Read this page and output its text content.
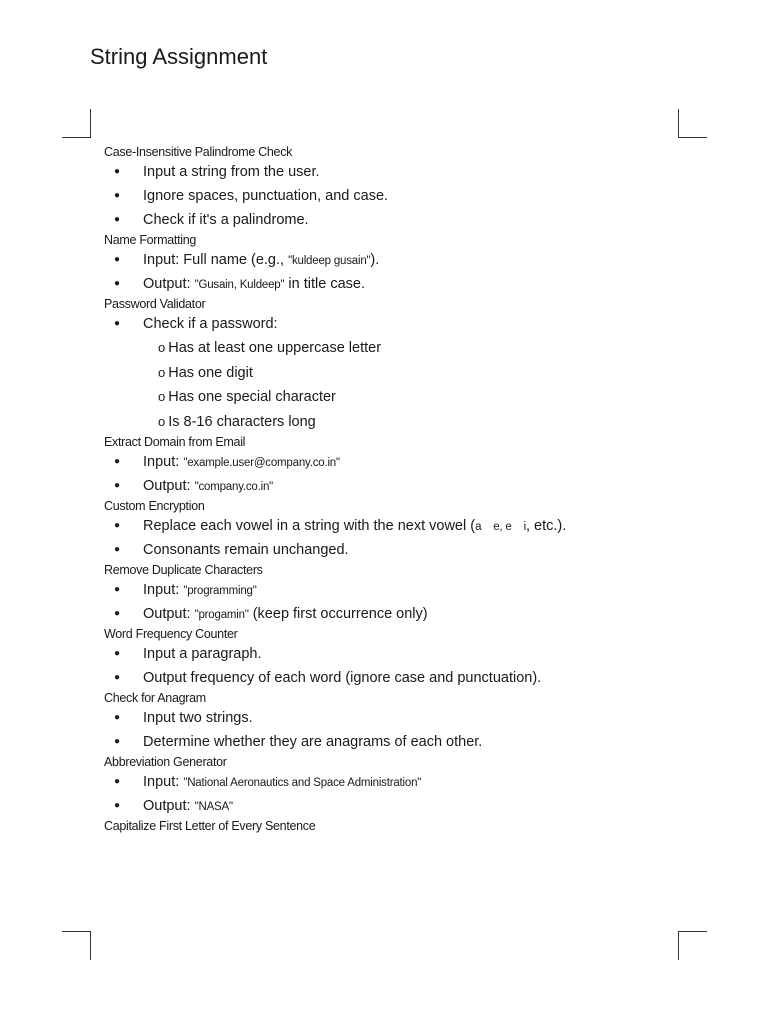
String Assignment
Case-Insensitive Palindrome Check
● Input a string from the user.
● Ignore spaces, punctuation, and case.
● Check if it's a palindrome.
Name Formatting
● Input: Full name (e.g., "kuldeep gusain").
● Output: "Gusain, Kuldeep" in title case.
Password Validator
● Check if a password:
o Has at least one uppercase letter
o Has one digit
o Has one special character
o Is 8-16 characters long
Extract Domain from Email
● Input: "example.user@company.co.in"
● Output: "company.co.in"
Custom Encryption
● Replace each vowel in a string with the next vowel (a    e, e    i, etc.).
● Consonants remain unchanged.
Remove Duplicate Characters
● Input: "programming"
● Output: "progamin" (keep first occurrence only)
Word Frequency Counter
● Input a paragraph.
● Output frequency of each word (ignore case and punctuation).
Check for Anagram
● Input two strings.
● Determine whether they are anagrams of each other.
Abbreviation Generator
● Input: "National Aeronautics and Space Administration"
● Output: "NASA"
Capitalize First Letter of Every Sentence
